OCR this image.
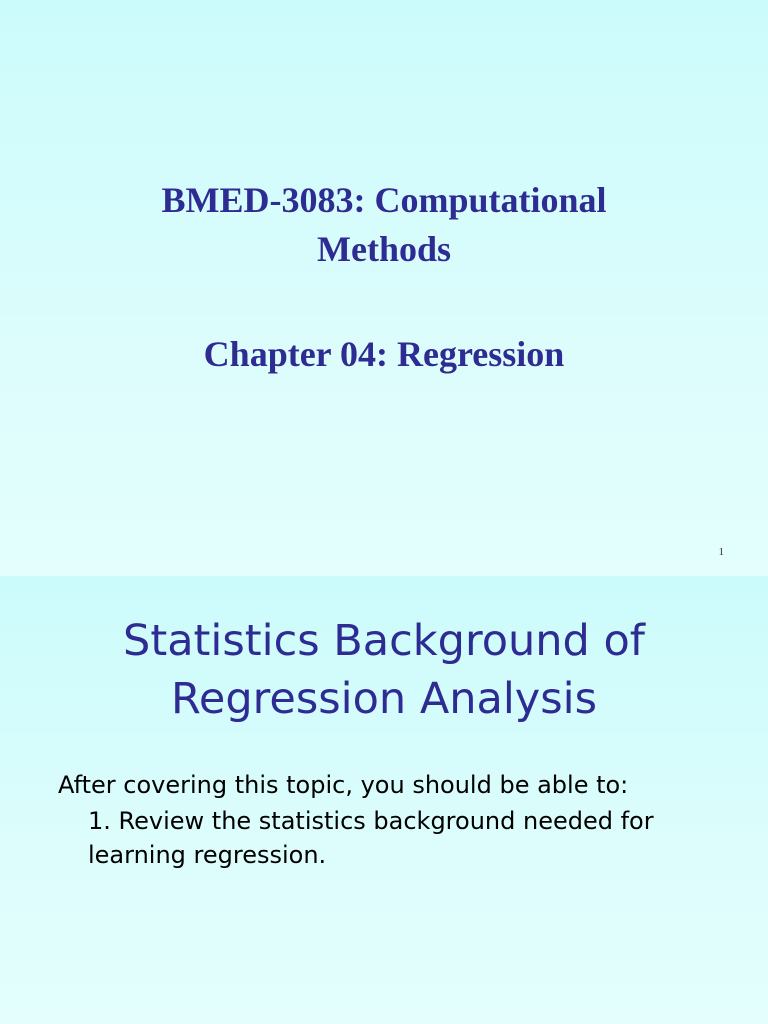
BMED-3083: Computational
Methods
Chapter 04: Regression
1
Statistics Background of
Regression Analysis
After covering this topic, you should be able to:
1. Review the statistics background needed for
learning regression.
